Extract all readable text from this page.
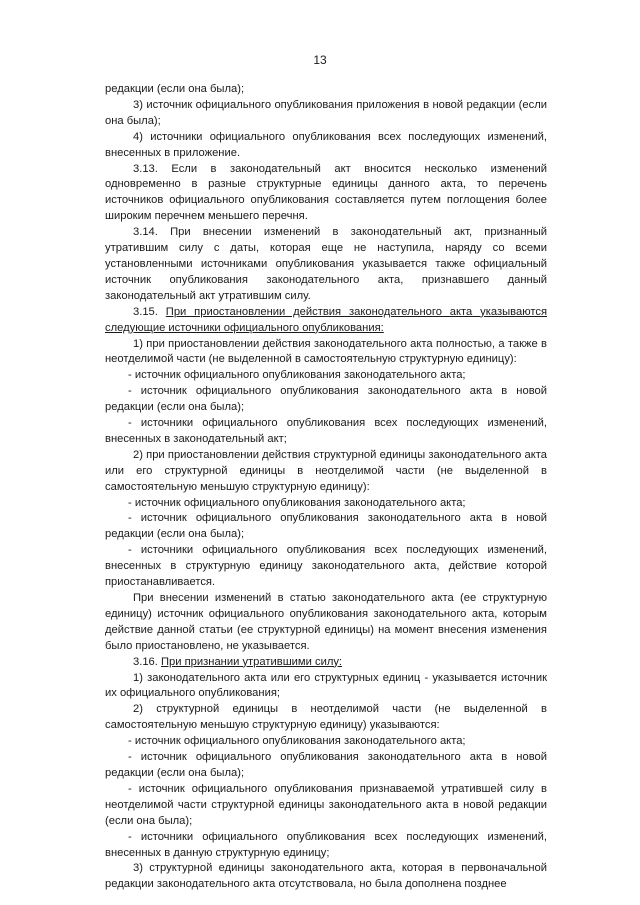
13

редакции (если она была);

3) источник официального опубликования приложения в новой редакции (если она была);

4) источники официального опубликования всех последующих изменений, внесенных в приложение.

3.13. Если в законодательный акт вносится несколько изменений одновременно в разные структурные единицы данного акта, то перечень источников официального опубликования составляется путем поглощения более широким перечнем меньшего перечня.

3.14. При внесении изменений в законодательный акт, признанный утратившим силу с даты, которая еще не наступила, наряду со всеми установленными источниками опубликования указывается также официальный источник опубликования законодательного акта, признавшего данный законодательный акт утратившим силу.

3.15. При приостановлении действия законодательного акта указываются следующие источники официального опубликования:

1) при приостановлении действия законодательного акта полностью, а также в неотделимой части (не выделенной в самостоятельную структурную единицу):

- источник официального опубликования законодательного акта;

- источник официального опубликования законодательного акта в новой редакции (если она была);

- источники официального опубликования всех последующих изменений, внесенных в законодательный акт;

2) при приостановлении действия структурной единицы законодательного акта или его структурной единицы в неотделимой части (не выделенной в самостоятельную меньшую структурную единицу):

- источник официального опубликования законодательного акта;

- источник официального опубликования законодательного акта в новой редакции (если она была);

- источники официального опубликования всех последующих изменений, внесенных в структурную единицу законодательного акта, действие которой приостанавливается.

При внесении изменений в статью законодательного акта (ее структурную единицу) источник официального опубликования законодательного акта, которым действие данной статьи (ее структурной единицы) на момент внесения изменения было приостановлено, не указывается.

3.16. При признании утратившими силу:

1) законодательного акта или его структурных единиц - указывается источник их официального опубликования;

2) структурной единицы в неотделимой части (не выделенной в самостоятельную меньшую структурную единицу) указываются:

- источник официального опубликования законодательного акта;

- источник официального опубликования законодательного акта в новой редакции (если она была);

- источник официального опубликования признаваемой утратившей силу в неотделимой части структурной единицы законодательного акта в новой редакции (если она была);

- источники официального опубликования всех последующих изменений, внесенных в данную структурную единицу;

3) структурной единицы законодательного акта, которая в первоначальной редакции законодательного акта отсутствовала, но была дополнена позднее
